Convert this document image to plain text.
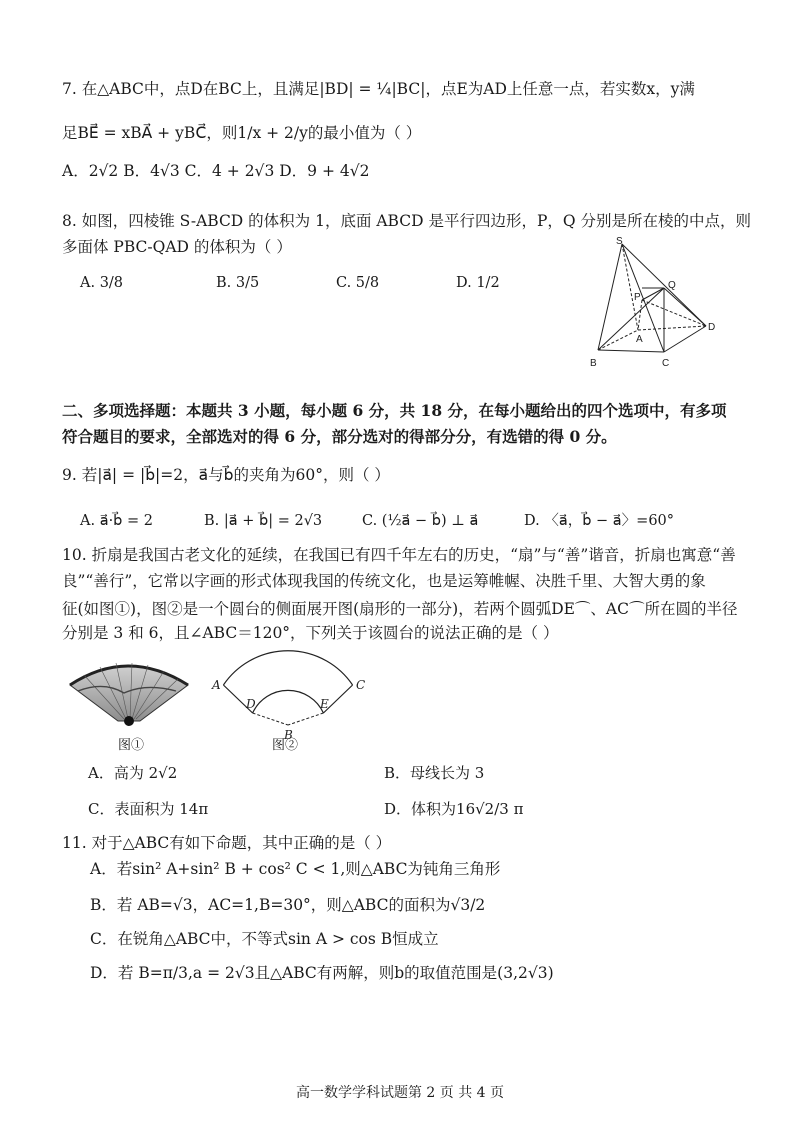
7. 在△ABC中，点D在BC上，且满足|BD| = ¼|BC|，点E为AD上任意一点，若实数x，y满
足BE⃗ = xBA⃗ + yBC⃗，则1/x + 2/y的最小值为（ ）
A．2√2 B．4√3 C．4 + 2√3 D．9 + 4√2
8. 如图，四棱锥 S-ABCD 的体积为 1，底面 ABCD 是平行四边形，P，Q 分别是所在棱的中点，则
多面体 PBC-QAD 的体积为（ ）
A. 3/8	B. 3/5	C. 5/8	D. 1/2
S
Q
P
A
D
B	C
二、多项选择题：本题共 3 小题，每小题 6 分，共 18 分，在每小题给出的四个选项中，有多项
符合题目的要求，全部选对的得 6 分，部分选对的得部分分，有选错的得 0 分。
9. 若|a⃗| = |b⃗|=2，a⃗与b⃗的夹角为60°，则（ ）
A. a⃗·b⃗ = 2	B. |a⃗ + b⃗| = 2√3	C. (½a⃗ − b⃗) ⊥ a⃗	D. 〈a⃗，b⃗ − a⃗〉=60°
10. 折扇是我国古老文化的延续，在我国已有四千年左右的历史，“扇”与“善”谐音，折扇也寓意“善
良”“善行”，它常以字画的形式体现我国的传统文化，也是运筹帷幄、决胜千里、大智大勇的象
征(如图①)，图②是一个圆台的侧面展开图(扇形的一部分)，若两个圆弧DE⌒、AC⌒所在圆的半径
分别是 3 和 6，且∠ABC＝120°，下列关于该圆台的说法正确的是（ ）
图①
A	C
D	E
B
图②
A．高为 2√2	B．母线长为 3
C．表面积为 14π	D．体积为16√2/3 π
11. 对于△ABC有如下命题，其中正确的是（ ）
A．若sin² A+sin² B + cos² C < 1,则△ABC为钝角三角形
B．若 AB=√3，AC=1,B=30°，则△ABC的面积为√3/2
C．在锐角△ABC中，不等式sin A > cos B恒成立
D．若 B=π/3,a = 2√3且△ABC有两解，则b的取值范围是(3,2√3)
高一数学学科试题第 2 页 共 4 页
